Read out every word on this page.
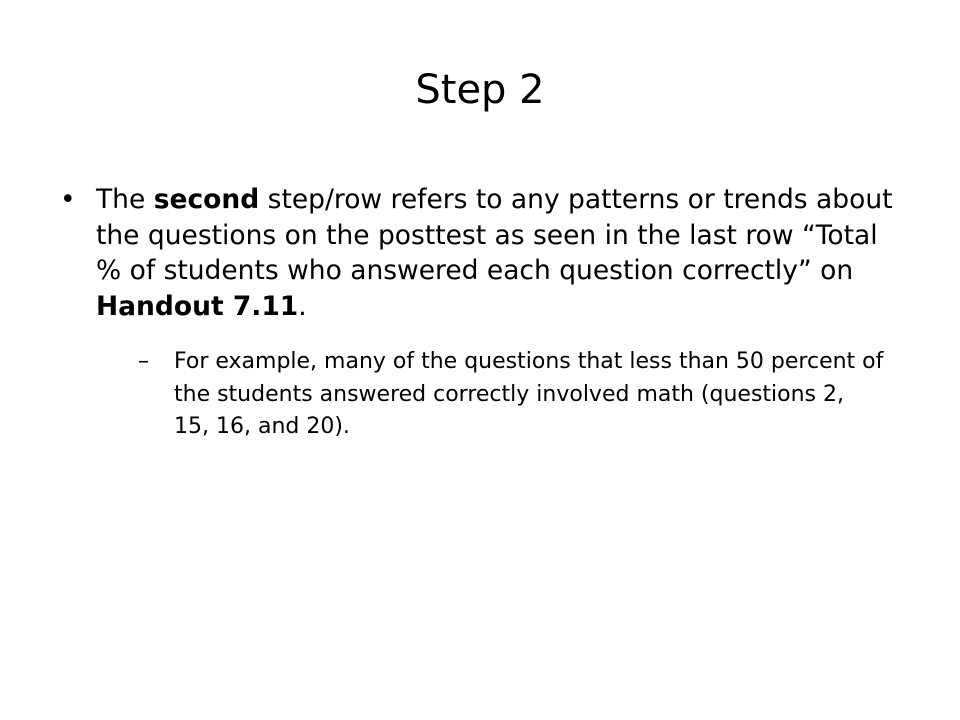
Step 2
• The second step/row refers to any patterns or trends about the questions on the posttest as seen in the last row “Total % of students who answered each question correctly” on Handout 7.11.
– For example, many of the questions that less than 50 percent of the students answered correctly involved math (questions 2, 15, 16, and 20).
